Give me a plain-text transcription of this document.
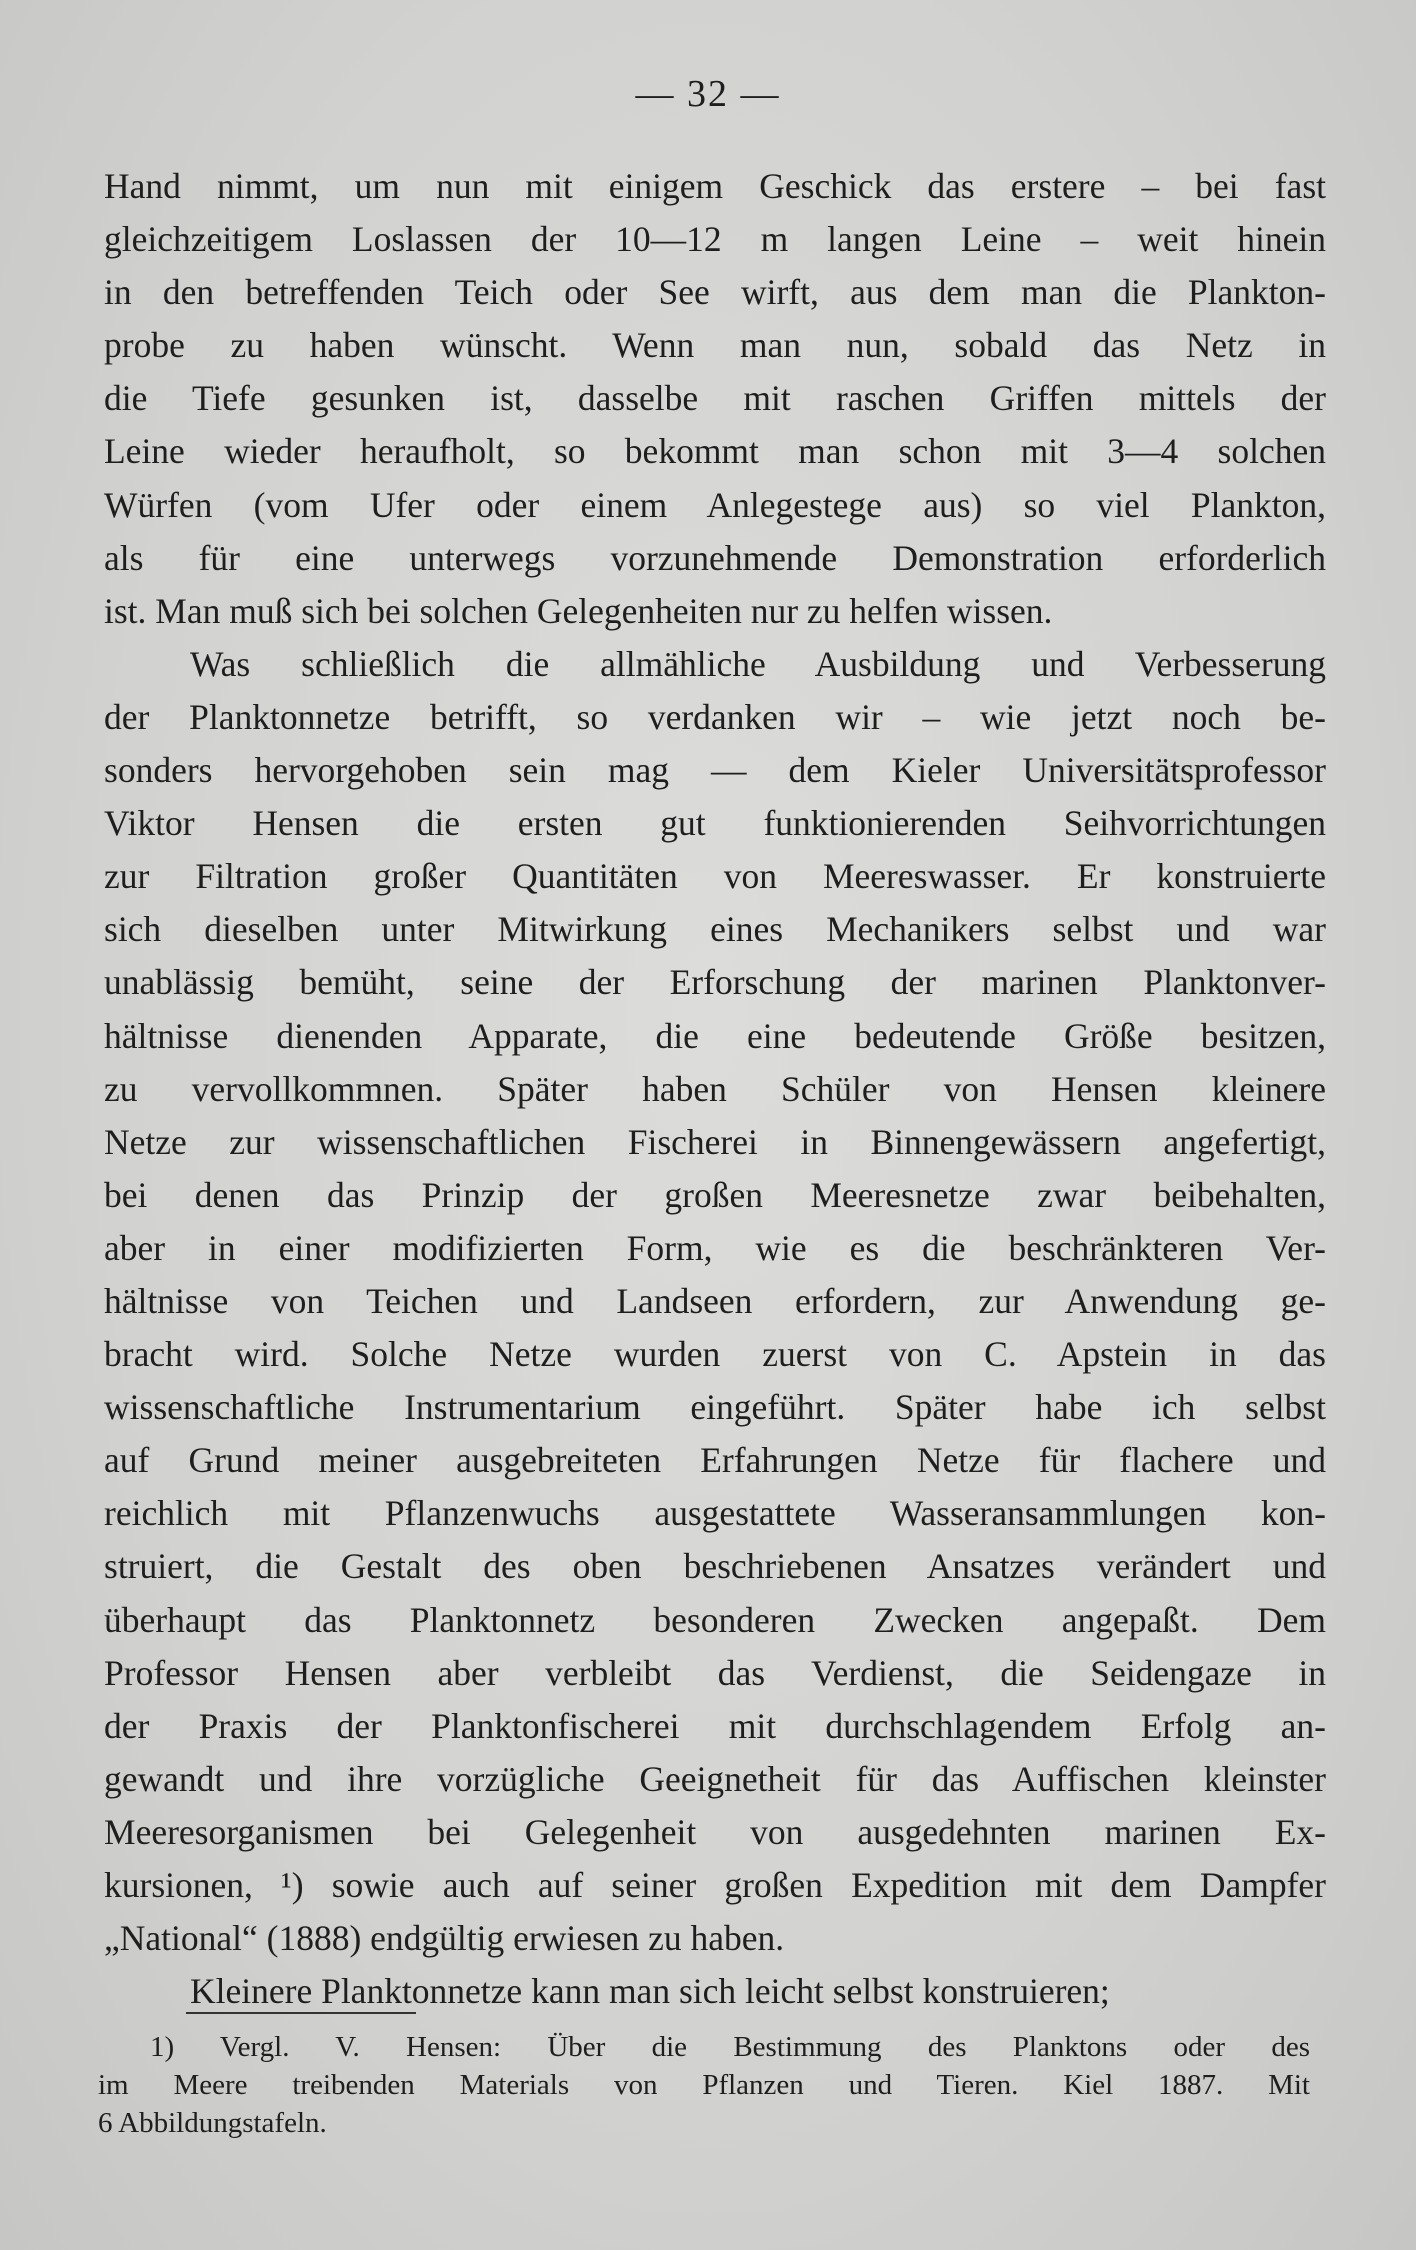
— 32 —
Hand nimmt, um nun mit einigem Geschick das erstere – bei fast
gleichzeitigem Loslassen der 10—12 m langen Leine – weit hinein
in den betreffenden Teich oder See wirft, aus dem man die Plankton-
probe zu haben wünscht. Wenn man nun, sobald das Netz in
die Tiefe gesunken ist, dasselbe mit raschen Griffen mittels der
Leine wieder heraufholt, so bekommt man schon mit 3—4 solchen
Würfen (vom Ufer oder einem Anlegestege aus) so viel Plankton,
als für eine unterwegs vorzunehmende Demonstration erforderlich
ist. Man muß sich bei solchen Gelegenheiten nur zu helfen wissen.
Was schließlich die allmähliche Ausbildung und Verbesserung
der Planktonnetze betrifft, so verdanken wir – wie jetzt noch be-
sonders hervorgehoben sein mag — dem Kieler Universitätsprofessor
Viktor Hensen die ersten gut funktionierenden Seihvorrichtungen
zur Filtration großer Quantitäten von Meereswasser. Er konstruierte
sich dieselben unter Mitwirkung eines Mechanikers selbst und war
unablässig bemüht, seine der Erforschung der marinen Planktonver-
hältnisse dienenden Apparate, die eine bedeutende Größe besitzen,
zu vervollkommnen. Später haben Schüler von Hensen kleinere
Netze zur wissenschaftlichen Fischerei in Binnengewässern angefertigt,
bei denen das Prinzip der großen Meeresnetze zwar beibehalten,
aber in einer modifizierten Form, wie es die beschränkteren Ver-
hältnisse von Teichen und Landseen erfordern, zur Anwendung ge-
bracht wird. Solche Netze wurden zuerst von C. Apstein in das
wissenschaftliche Instrumentarium eingeführt. Später habe ich selbst
auf Grund meiner ausgebreiteten Erfahrungen Netze für flachere und
reichlich mit Pflanzenwuchs ausgestattete Wasseransammlungen kon-
struiert, die Gestalt des oben beschriebenen Ansatzes verändert und
überhaupt das Planktonnetz besonderen Zwecken angepaßt. Dem
Professor Hensen aber verbleibt das Verdienst, die Seidengaze in
der Praxis der Planktonfischerei mit durchschlagendem Erfolg an-
gewandt und ihre vorzügliche Geeignetheit für das Auffischen kleinster
Meeresorganismen bei Gelegenheit von ausgedehnten marinen Ex-
kursionen, ¹) sowie auch auf seiner großen Expedition mit dem Dampfer
„National“ (1888) endgültig erwiesen zu haben.
Kleinere Planktonnetze kann man sich leicht selbst konstruieren;
1) Vergl. V. Hensen: Über die Bestimmung des Planktons oder des
im Meere treibenden Materials von Pflanzen und Tieren. Kiel 1887. Mit
6 Abbildungstafeln.
